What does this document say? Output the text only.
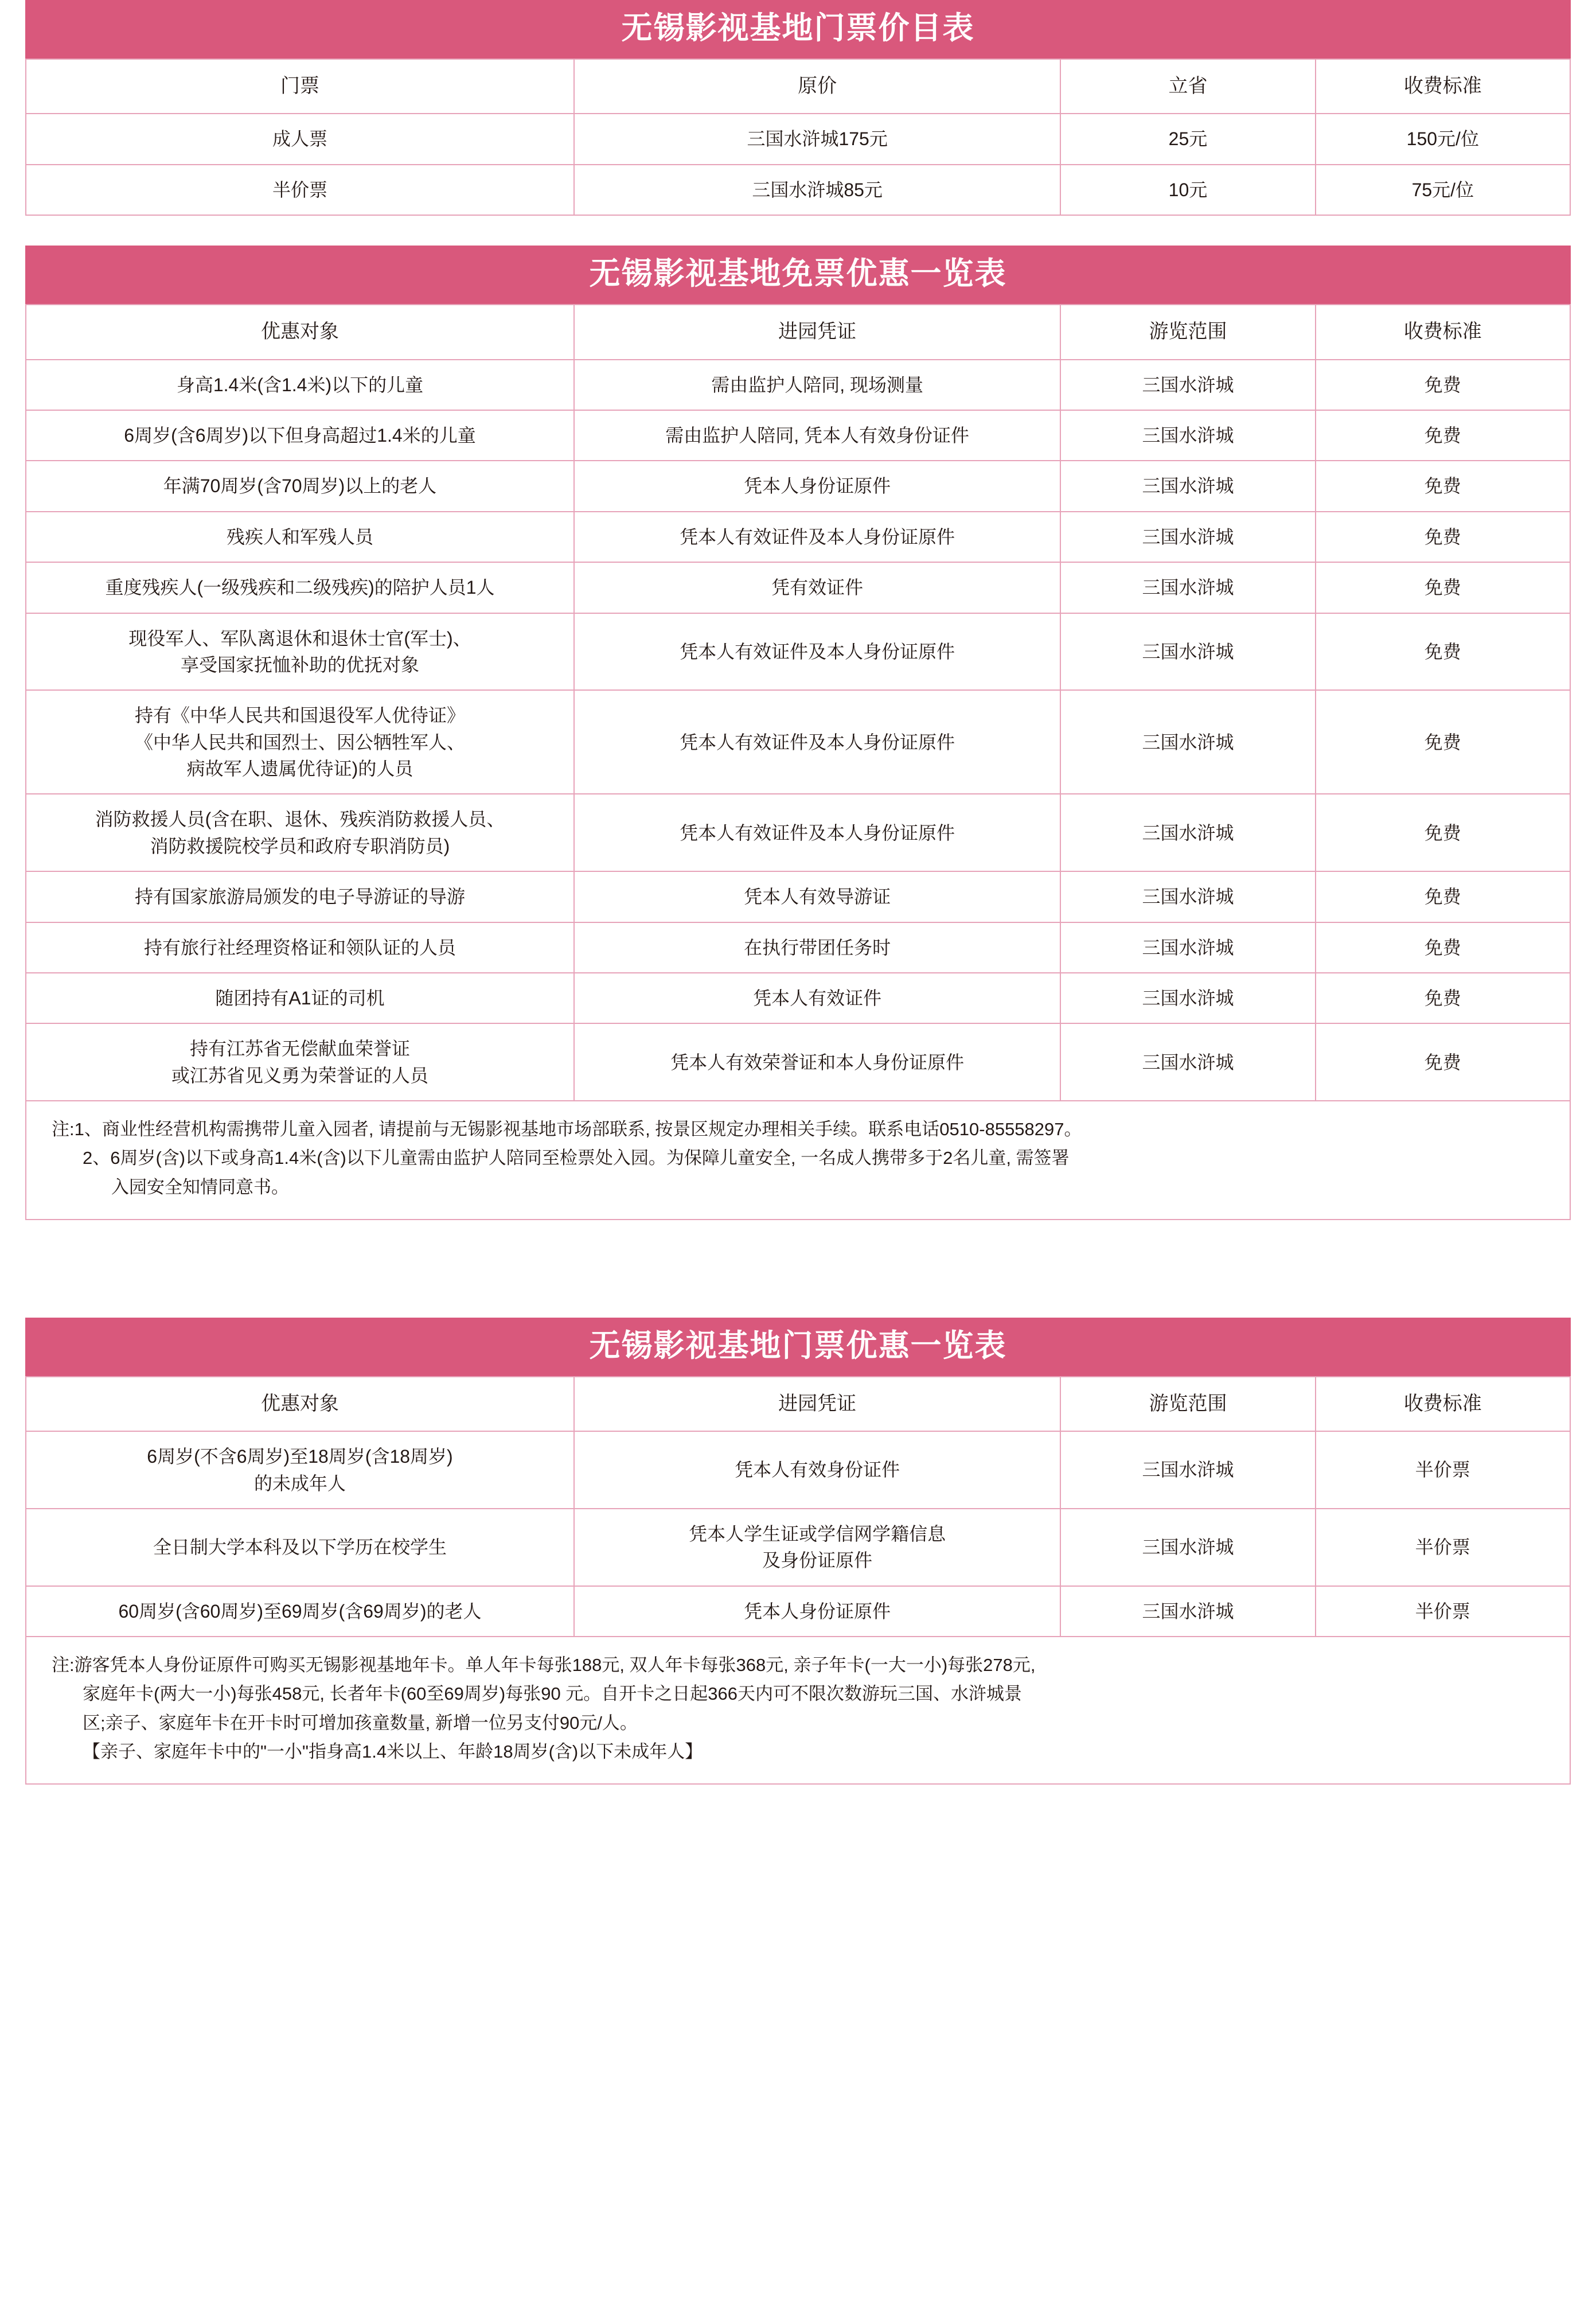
无锡影视基地门票价目表
门票	原价	立省	收费标准
成人票	三国水浒城175元	25元	150元/位
半价票	三国水浒城85元	10元	75元/位
无锡影视基地免票优惠一览表
优惠对象	进园凭证	游览范围	收费标准
身高1.4米(含1.4米)以下的儿童	需由监护人陪同, 现场测量	三国水浒城	免费
6周岁(含6周岁)以下但身高超过1.4米的儿童	需由监护人陪同, 凭本人有效身份证件	三国水浒城	免费
年满70周岁(含70周岁)以上的老人	凭本人身份证原件	三国水浒城	免费
残疾人和军残人员	凭本人有效证件及本人身份证原件	三国水浒城	免费
重度残疾人(一级残疾和二级残疾)的陪护人员1人	凭有效证件	三国水浒城	免费
现役军人、军队离退休和退休士官(军士)、
享受国家抚恤补助的优抚对象	凭本人有效证件及本人身份证原件	三国水浒城	免费
持有《中华人民共和国退役军人优待证》
《中华人民共和国烈士、因公牺牲军人、
病故军人遗属优待证)的人员	凭本人有效证件及本人身份证原件	三国水浒城	免费
消防救援人员(含在职、退休、残疾消防救援人员、
消防救援院校学员和政府专职消防员)	凭本人有效证件及本人身份证原件	三国水浒城	免费
持有国家旅游局颁发的电子导游证的导游	凭本人有效导游证	三国水浒城	免费
持有旅行社经理资格证和领队证的人员	在执行带团任务时	三国水浒城	免费
随团持有A1证的司机	凭本人有效证件	三国水浒城	免费
持有江苏省无偿献血荣誉证
或江苏省见义勇为荣誉证的人员	凭本人有效荣誉证和本人身份证原件	三国水浒城	免费

注:1、商业性经营机构需携带儿童入园者, 请提前与无锡影视基地市场部联系, 按景区规定办理相关手续。联系电话0510-85558297。
2、6周岁(含)以下或身高1.4米(含)以下儿童需由监护人陪同至检票处入园。为保障儿童安全, 一名成人携带多于2名儿童, 需签署
入园安全知情同意书。			
无锡影视基地门票优惠一览表
优惠对象	进园凭证	游览范围	收费标准
6周岁(不含6周岁)至18周岁(含18周岁)
的未成年人	凭本人有效身份证件	三国水浒城	半价票
全日制大学本科及以下学历在校学生	凭本人学生证或学信网学籍信息
及身份证原件	三国水浒城	半价票
60周岁(含60周岁)至69周岁(含69周岁)的老人	凭本人身份证原件	三国水浒城	半价票

注:游客凭本人身份证原件可购买无锡影视基地年卡。单人年卡每张188元, 双人年卡每张368元, 亲子年卡(一大一小)每张278元,
家庭年卡(两大一小)每张458元, 长者年卡(60至69周岁)每张90 元。自开卡之日起366天内可不限次数游玩三国、水浒城景
区;亲子、家庭年卡在开卡时可增加孩童数量, 新增一位另支付90元/人。
【亲子、家庭年卡中的"一小"指身高1.4米以上、年龄18周岁(含)以下未成年人】			
